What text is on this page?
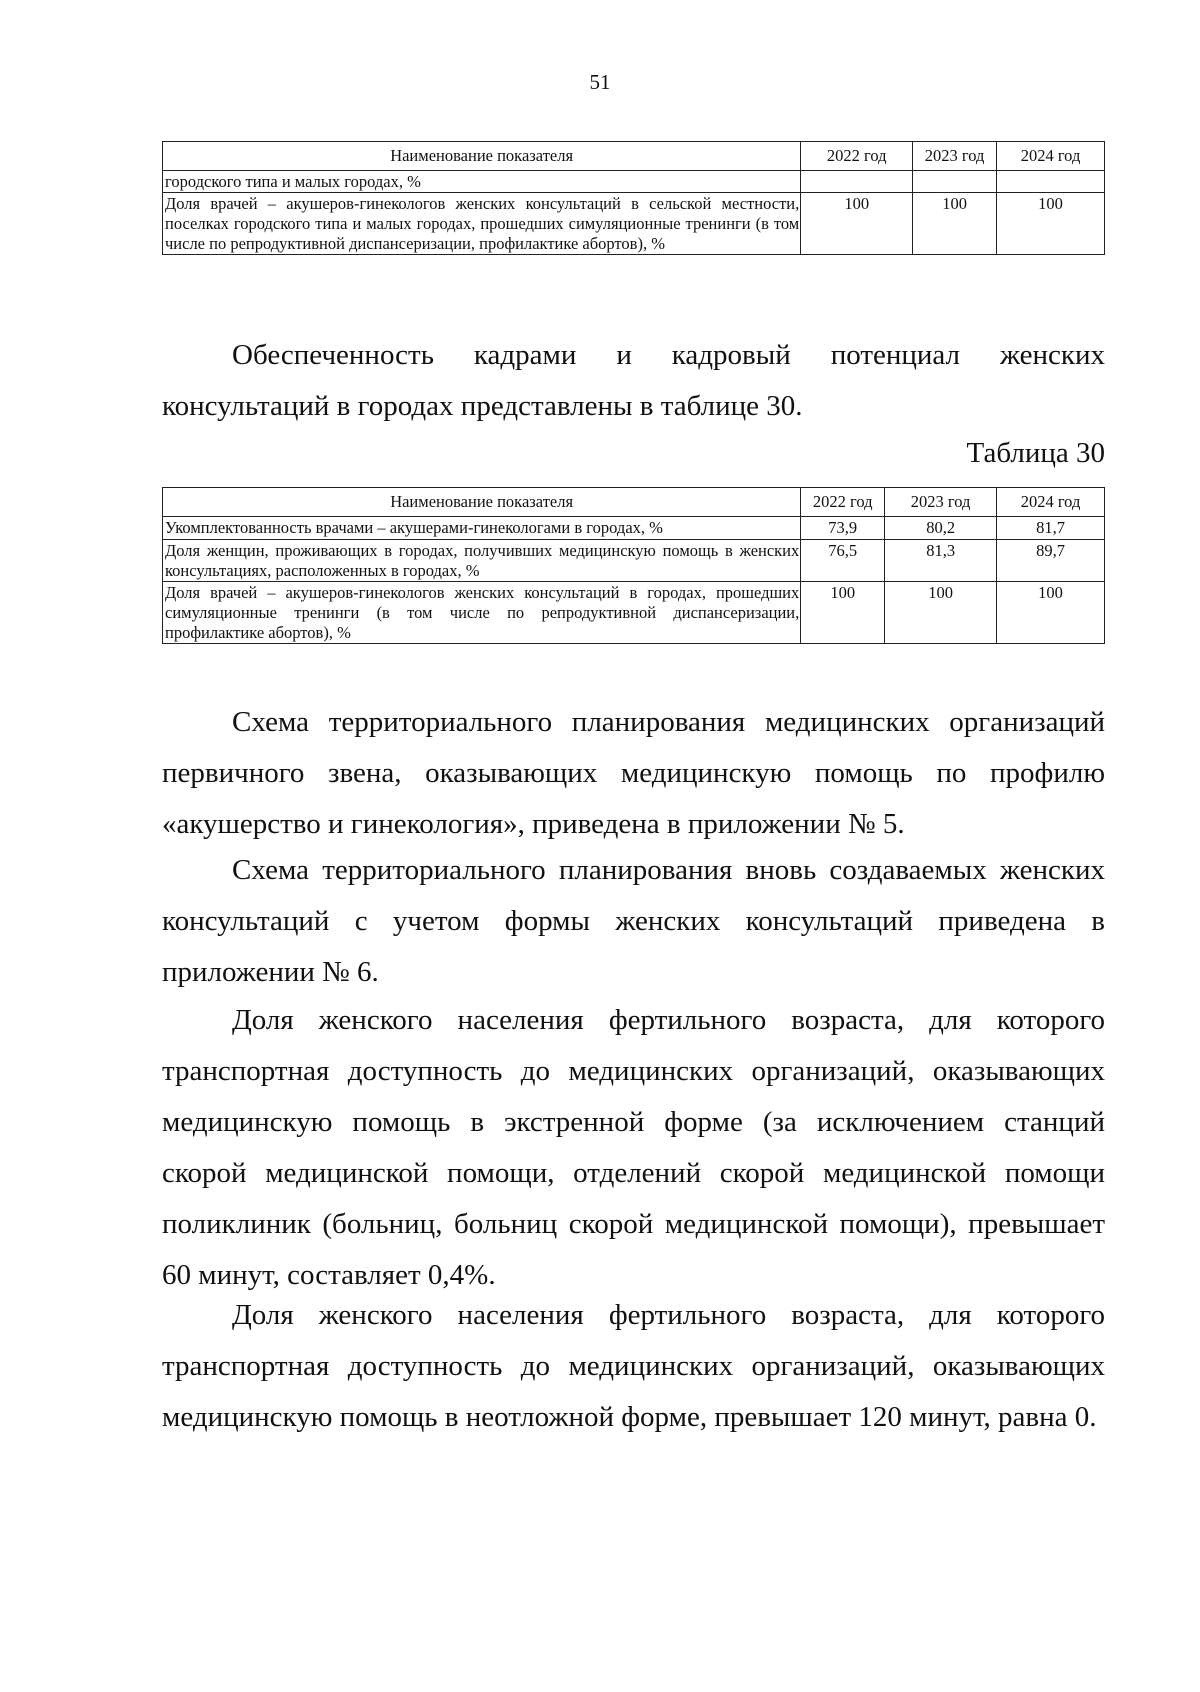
51
Наименование показателя	2022 год	2023 год	2024 год
городского типа и малых городах, %			
Доля врачей – акушеров-гинекологов женских консультаций в сельской местности, поселках городского типа и малых городах, прошедших симуляционные тренинги (в том числе по репродуктивной диспансеризации, профилактике абортов), %	100	100	100

Обеспеченность кадрами и кадровый потенциал женских консультаций в городах представлены в таблице 30.

Таблица 30
Наименование показателя	2022 год	2023 год	2024 год
Укомплектованность врачами – акушерами-гинекологами в городах, %	73,9	80,2	81,7
Доля женщин, проживающих в городах, получивших медицинскую помощь в женских консультациях, расположенных в городах, %	76,5	81,3	89,7
Доля врачей – акушеров-гинекологов женских консультаций в городах, прошедших симуляционные тренинги (в том числе по репродуктивной диспансеризации, профилактике абортов), %	100	100	100

Схема территориального планирования медицинских организаций первичного звена, оказывающих медицинскую помощь по профилю «акушерство и гинекология», приведена в приложении № 5.

Схема территориального планирования вновь создаваемых женских консультаций с учетом формы женских консультаций приведена в приложении № 6.

Доля женского населения фертильного возраста, для которого транспортная доступность до медицинских организаций, оказывающих медицинскую помощь в экстренной форме (за исключением станций скорой медицинской помощи, отделений скорой медицинской помощи поликлиник (больниц, больниц скорой медицинской помощи), превышает 60 минут, составляет 0,4%.

Доля женского населения фертильного возраста, для которого транспортная доступность до медицинских организаций, оказывающих медицинскую помощь в неотложной форме, превышает 120 минут, равна 0.
